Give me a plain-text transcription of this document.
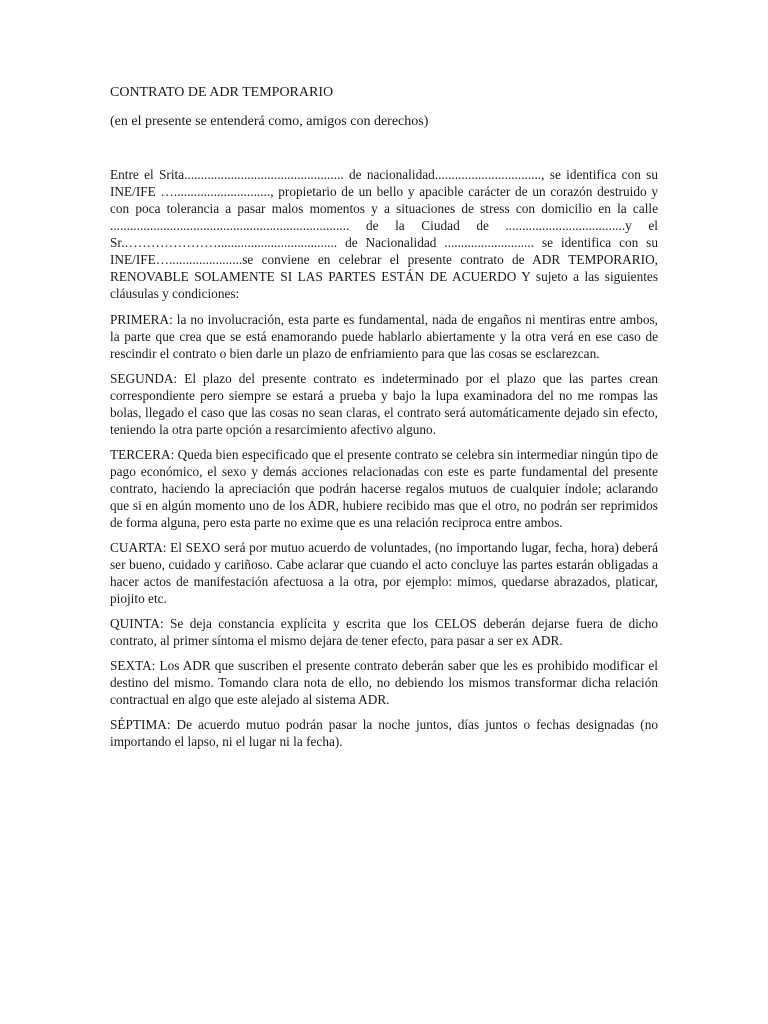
CONTRATO DE ADR TEMPORARIO

(en el presente se entenderá como, amigos con derechos)

Entre el Srita................................................ de nacionalidad................................, se identifica con su INE/IFE …............................., propietario de un bello y apacible carácter de un corazón destruido y con poca tolerancia a pasar malos momentos y a situaciones de stress con domicilio en la calle ........................................................................ de la Ciudad de ....................................y el Sr.………………….................................... de Nacionalidad ........................... se identifica con su INE/IFE…......................se conviene en celebrar el presente contrato de ADR TEMPORARIO, RENOVABLE SOLAMENTE SI LAS PARTES ESTÁN DE ACUERDO Y sujeto a las siguientes cláusulas y condiciones:

PRIMERA: la no involucración, esta parte es fundamental, nada de engaños ni mentiras entre ambos, la parte que crea que se está enamorando puede hablarlo abiertamente y la otra verá en ese caso de rescindir el contrato o bien darle un plazo de enfriamiento para que las cosas se esclarezcan.

SEGUNDA: El plazo del presente contrato es indeterminado por el plazo que las partes crean correspondiente pero siempre se estará a prueba y bajo la lupa examinadora del no me rompas las bolas, llegado el caso que las cosas no sean claras, el contrato será automáticamente dejado sin efecto, teniendo la otra parte opción a resarcimiento afectivo alguno.

TERCERA: Queda bien especificado que el presente contrato se celebra sin intermediar ningún tipo de pago económico, el sexo y demás acciones relacionadas con este es parte fundamental del presente contrato, haciendo la apreciación que podrán hacerse regalos mutuos de cualquier índole; aclarando que si en algún momento uno de los ADR, hubiere recibido mas que el otro, no podrán ser reprimidos de forma alguna, pero esta parte no exime que es una relación reciproca entre ambos.

CUARTA: El SEXO será por mutuo acuerdo de voluntades, (no importando lugar, fecha, hora) deberá ser bueno, cuidado y cariñoso. Cabe aclarar que cuando el acto concluye las partes estarán obligadas a hacer actos de manifestación afectuosa a la otra, por ejemplo: mimos, quedarse abrazados, platicar, piojito etc.

QUINTA: Se deja constancia explícita y escrita que los CELOS deberán dejarse fuera de dicho contrato, al primer síntoma el mismo dejara de tener efecto, para pasar a ser ex ADR.

SEXTA: Los ADR que suscriben el presente contrato deberán saber que les es prohibido modificar el destino del mismo. Tomando clara nota de ello, no debiendo los mismos transformar dicha relación contractual en algo que este alejado al sistema ADR.

SÉPTIMA: De acuerdo mutuo podrán pasar la noche juntos, días juntos o fechas designadas (no importando el lapso, ni el lugar ni la fecha).
